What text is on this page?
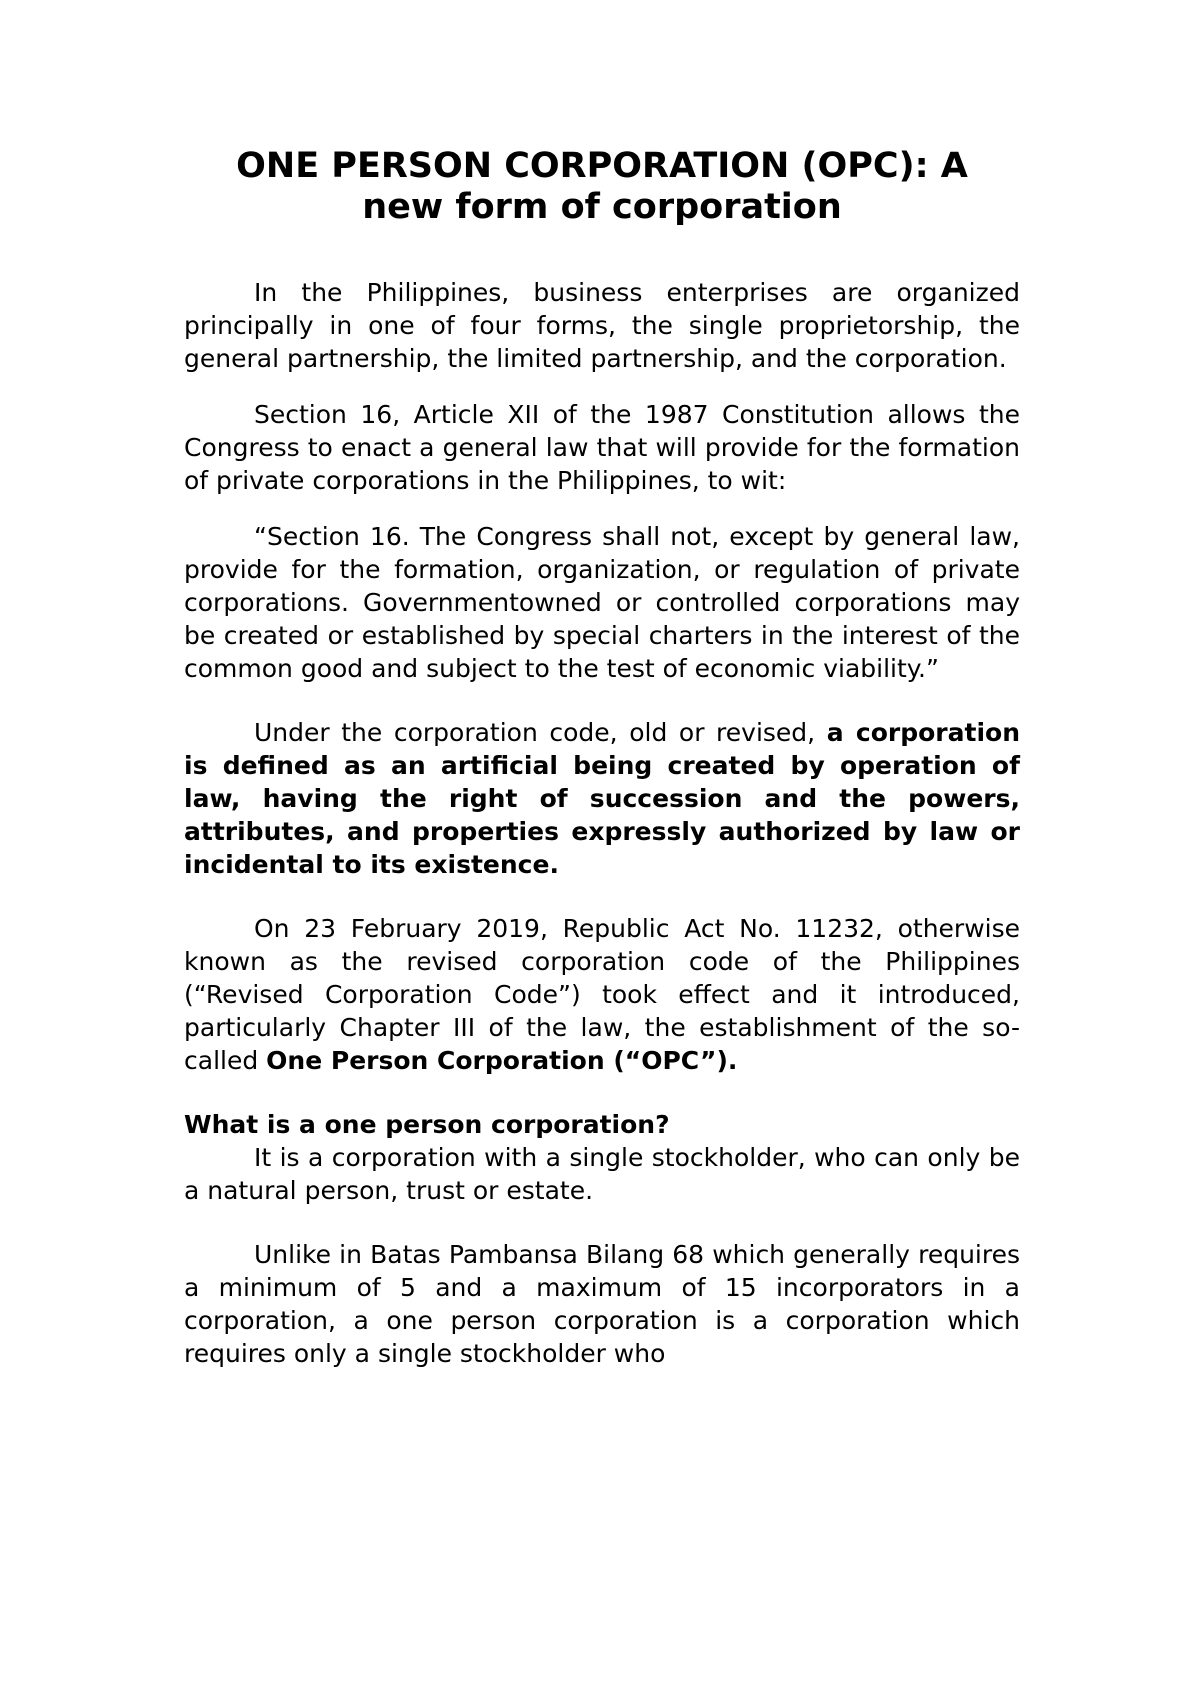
ONE PERSON CORPORATION (OPC): A
new form of corporation

In the Philippines, business enterprises are organized principally in one of four forms, the single proprietorship, the general partnership, the limited partnership, and the corporation.

Section 16, Article XII of the 1987 Constitution allows the Congress to enact a general law that will provide for the formation of private corporations in the Philippines, to wit:

“Section 16. The Congress shall not, except by general law, provide for the formation, organization, or regulation of private corporations. Governmentowned or controlled corporations may be created or established by special charters in the interest of the common good and subject to the test of economic viability.”

Under the corporation code, old or revised, a corporation is defined as an artificial being created by operation of law, having the right of succession and the powers, attributes, and properties expressly authorized by law or incidental to its existence.

On 23 February 2019, Republic Act No. 11232, otherwise known as the revised corporation code of the Philippines (“Revised Corporation Code”) took effect and it introduced, particularly Chapter III of the law, the establishment of the so-called One Person Corporation (“OPC”).

What is a one person corporation?

It is a corporation with a single stockholder, who can only be a natural person, trust or estate.

Unlike in Batas Pambansa Bilang 68 which generally requires a minimum of 5 and a maximum of 15 incorporators in a corporation, a one person corporation is a corporation which requires only a single stockholder who
